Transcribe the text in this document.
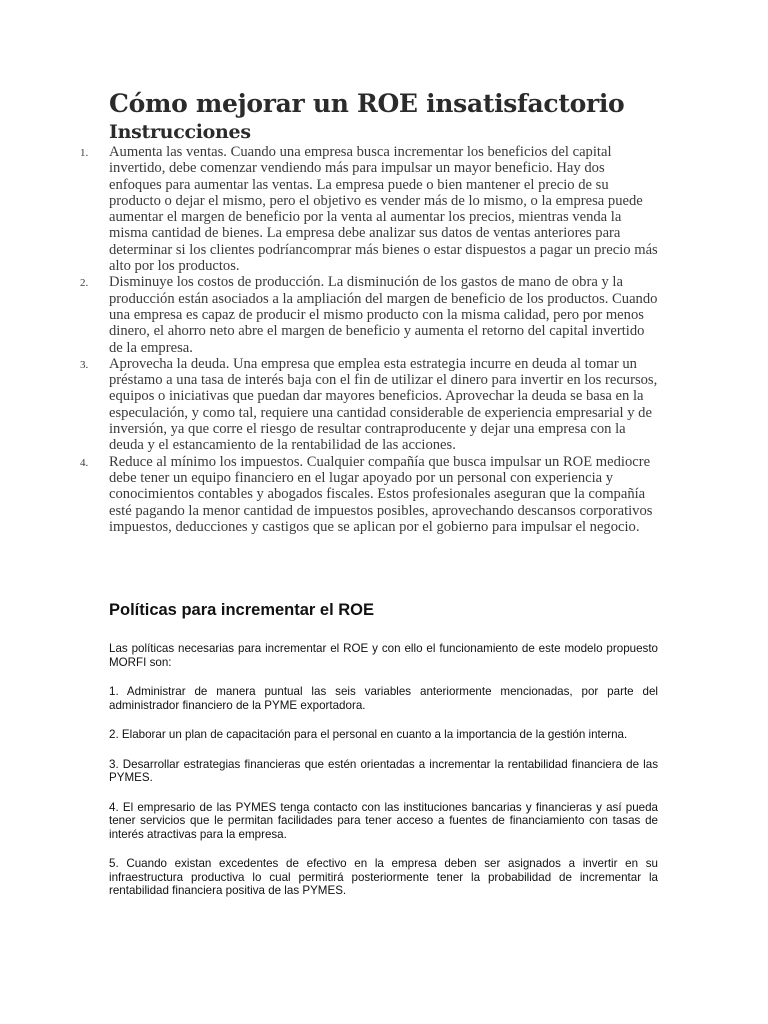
Cómo mejorar un ROE insatisfactorio
Instrucciones
1. Aumenta las ventas. Cuando una empresa busca incrementar los beneficios del capital invertido, debe comenzar vendiendo más para impulsar un mayor beneficio. Hay dos enfoques para aumentar las ventas. La empresa puede o bien mantener el precio de su producto o dejar el mismo, pero el objetivo es vender más de lo mismo, o la empresa puede aumentar el margen de beneficio por la venta al aumentar los precios, mientras venda la misma cantidad de bienes. La empresa debe analizar sus datos de ventas anteriores para determinar si los clientes podríancomprar más bienes o estar dispuestos a pagar un precio más alto por los productos.
2. Disminuye los costos de producción. La disminución de los gastos de mano de obra y la producción están asociados a la ampliación del margen de beneficio de los productos. Cuando una empresa es capaz de producir el mismo producto con la misma calidad, pero por menos dinero, el ahorro neto abre el margen de beneficio y aumenta el retorno del capital invertido de la empresa.
3. Aprovecha la deuda. Una empresa que emplea esta estrategia incurre en deuda al tomar un préstamo a una tasa de interés baja con el fin de utilizar el dinero para invertir en los recursos, equipos o iniciativas que puedan dar mayores beneficios. Aprovechar la deuda se basa en la especulación, y como tal, requiere una cantidad considerable de experiencia empresarial y de inversión, ya que corre el riesgo de resultar contraproducente y dejar una empresa con la deuda y el estancamiento de la rentabilidad de las acciones.
4. Reduce al mínimo los impuestos. Cualquier compañía que busca impulsar un ROE mediocre debe tener un equipo financiero en el lugar apoyado por un personal con experiencia y conocimientos contables y abogados fiscales. Estos profesionales aseguran que la compañía esté pagando la menor cantidad de impuestos posibles, aprovechando descansos corporativos impuestos, deducciones y castigos que se aplican por el gobierno para impulsar el negocio.
Políticas para incrementar el ROE

Las políticas necesarias para incrementar el ROE y con ello el funcionamiento de este modelo propuesto MORFI son:

1. Administrar de manera puntual las seis variables anteriormente mencionadas, por parte del administrador financiero de la PYME exportadora.

2. Elaborar un plan de capacitación para el personal en cuanto a la importancia de la gestión interna.

3. Desarrollar estrategias financieras que estén orientadas a incrementar la rentabilidad financiera de las PYMES.

4. El empresario de las PYMES tenga contacto con las instituciones bancarias y financieras y así pueda tener servicios que le permitan facilidades para tener acceso a fuentes de financiamiento con tasas de interés atractivas para la empresa.

5. Cuando existan excedentes de efectivo en la empresa deben ser asignados a invertir en su infraestructura productiva lo cual permitirá posteriormente tener la probabilidad de incrementar la rentabilidad financiera positiva de las PYMES.
